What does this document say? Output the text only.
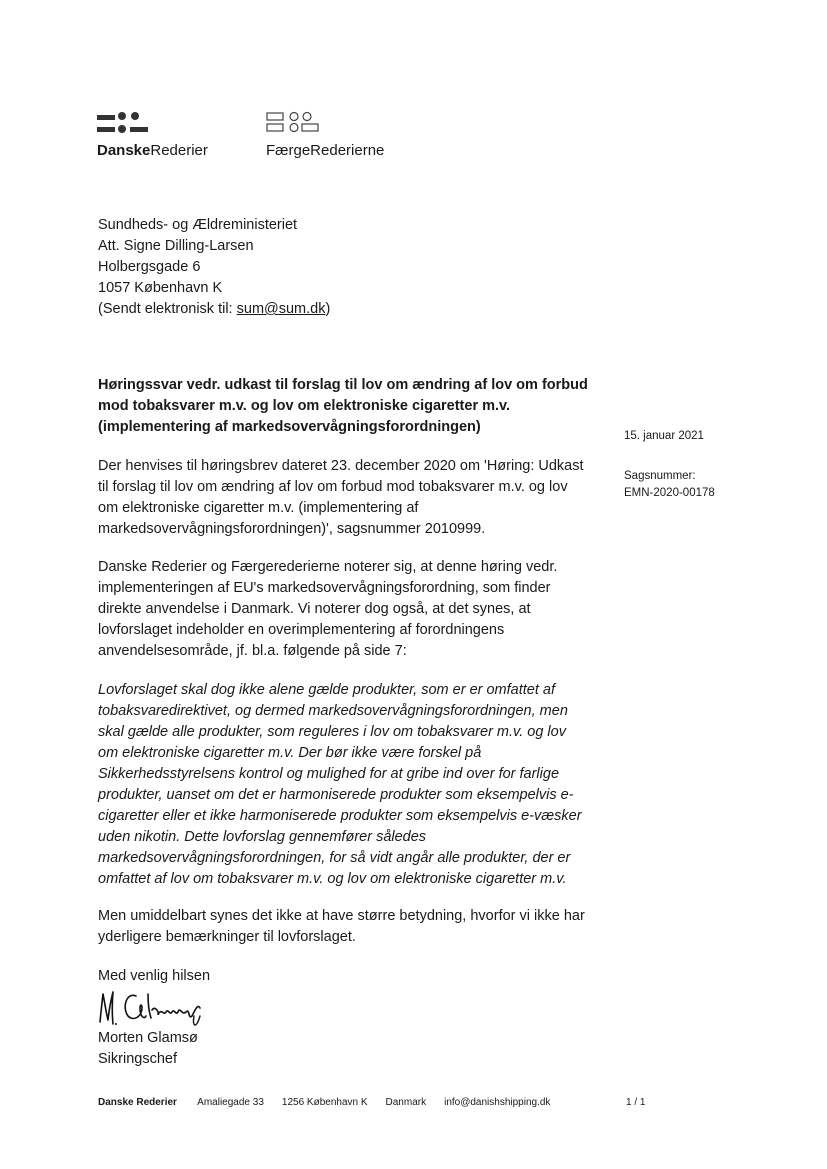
DanskeRederier	FærgeRederierne
Sundheds- og Ældreministeriet
Att. Signe Dilling-Larsen
Holbergsgade 6
1057 København K
(Sendt elektronisk til: sum@sum.dk)
Høringssvar vedr. udkast til forslag til lov om ændring af lov om forbud mod tobaksvarer m.v. og lov om elektroniske cigaretter m.v. (implementering af markedsovervågningsforordningen)
15. januar 2021
Sagsnummer:
EMN-2020-00178
Der henvises til høringsbrev dateret 23. december 2020 om 'Høring: Udkast til forslag til lov om ændring af lov om forbud mod tobaksvarer m.v. og lov om elektroniske cigaretter m.v. (implementering af markedsovervågningsforordningen)', sagsnummer 2010999.
Danske Rederier og Færgerederierne noterer sig, at denne høring vedr. implementeringen af EU's markedsovervågningsforordning, som finder direkte anvendelse i Danmark. Vi noterer dog også, at det synes, at lovforslaget indeholder en overimplementering af forordningens anvendelsesområde, jf. bl.a. følgende på side 7:
Lovforslaget skal dog ikke alene gælde produkter, som er er omfattet af tobaksvaredirektivet, og dermed markedsovervågningsforordningen, men skal gælde alle produkter, som reguleres i lov om tobaksvarer m.v. og lov om elektroniske cigaretter m.v. Der bør ikke være forskel på Sikkerhedsstyrelsens kontrol og mulighed for at gribe ind over for farlige produkter, uanset om det er harmoniserede produkter som eksempelvis e-cigaretter eller et ikke harmoniserede produkter som eksempelvis e-væsker uden nikotin. Dette lovforslag gennemfører således markedsovervågningsforordningen, for så vidt angår alle produkter, der er omfattet af lov om tobaksvarer m.v. og lov om elektroniske cigaretter m.v.
Men umiddelbart synes det ikke at have større betydning, hvorfor vi ikke har yderligere bemærkninger til lovforslaget.
Med venlig hilsen
Morten Glamsø
Sikringschef
Danske Rederier Amaliegade 33 1256 København K Danmark info@danishshipping.dk	1 / 1
